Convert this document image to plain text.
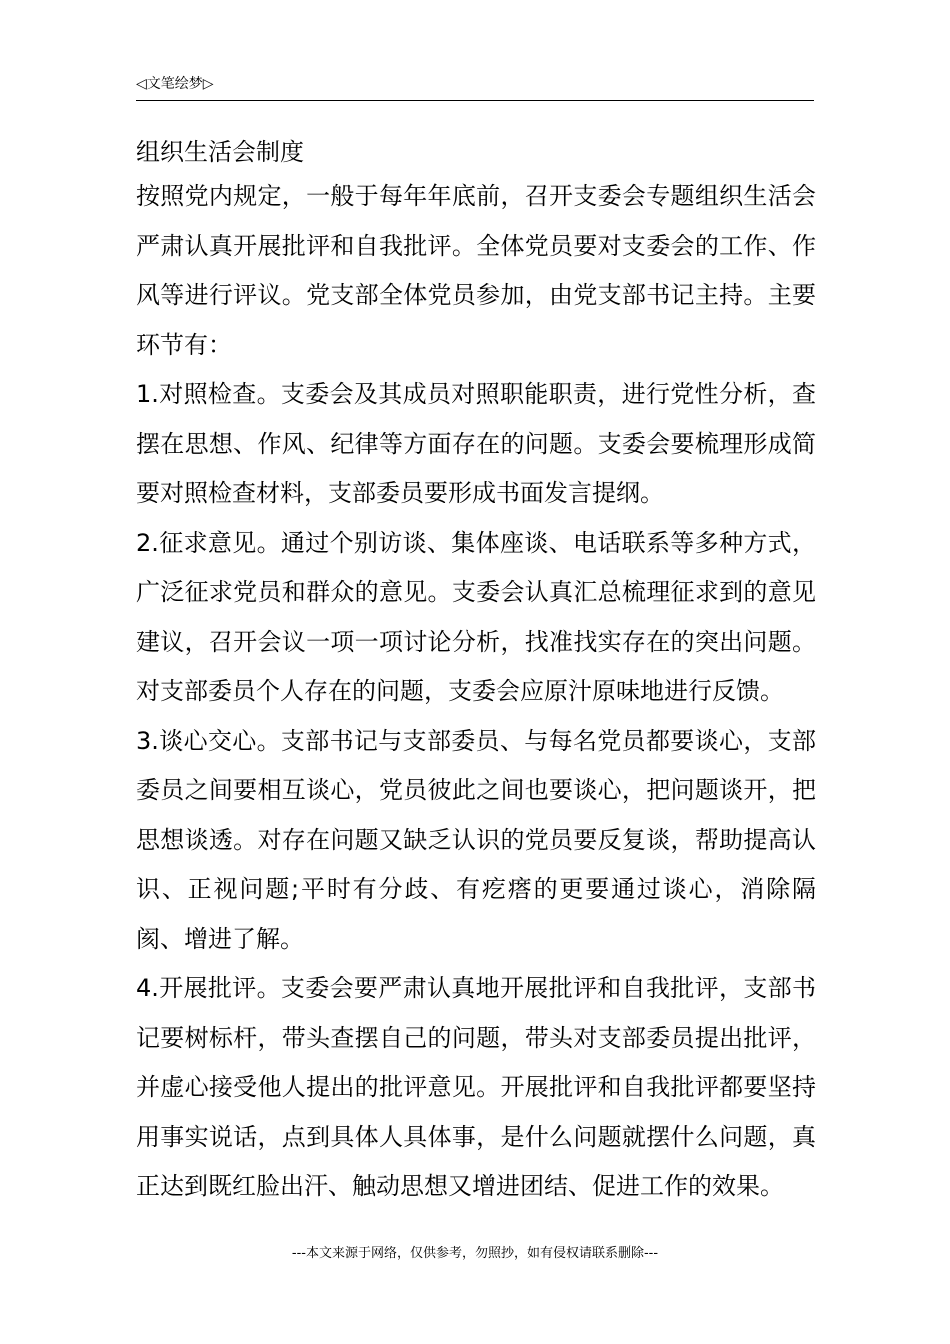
◁文笔绘梦▷
组织生活会制度

按照党内规定，一般于每年年底前，召开支委会专题组织生活会严肃认真开展批评和自我批评。全体党员要对支委会的工作、作风等进行评议。党支部全体党员参加，由党支部书记主持。主要环节有：

1.对照检查。支委会及其成员对照职能职责，进行党性分析，查摆在思想、作风、纪律等方面存在的问题。支委会要梳理形成简要对照检查材料，支部委员要形成书面发言提纲。

2.征求意见。通过个别访谈、集体座谈、电话联系等多种方式，广泛征求党员和群众的意见。支委会认真汇总梳理征求到的意见建议，召开会议一项一项讨论分析，找准找实存在的突出问题。对支部委员个人存在的问题，支委会应原汁原味地进行反馈。

3.谈心交心。支部书记与支部委员、与每名党员都要谈心，支部委员之间要相互谈心，党员彼此之间也要谈心，把问题谈开，把思想谈透。对存在问题又缺乏认识的党员要反复谈，帮助提高认识、正视问题;平时有分歧、有疙瘩的更要通过谈心，消除隔阂、增进了解。

4.开展批评。支委会要严肃认真地开展批评和自我批评，支部书记要树标杆，带头查摆自己的问题，带头对支部委员提出批评，并虚心接受他人提出的批评意见。开展批评和自我批评都要坚持用事实说话，点到具体人具体事，是什么问题就摆什么问题，真正达到既红脸出汗、触动思想又增进团结、促进工作的效果。

---本文来源于网络，仅供参考，勿照抄，如有侵权请联系删除---
